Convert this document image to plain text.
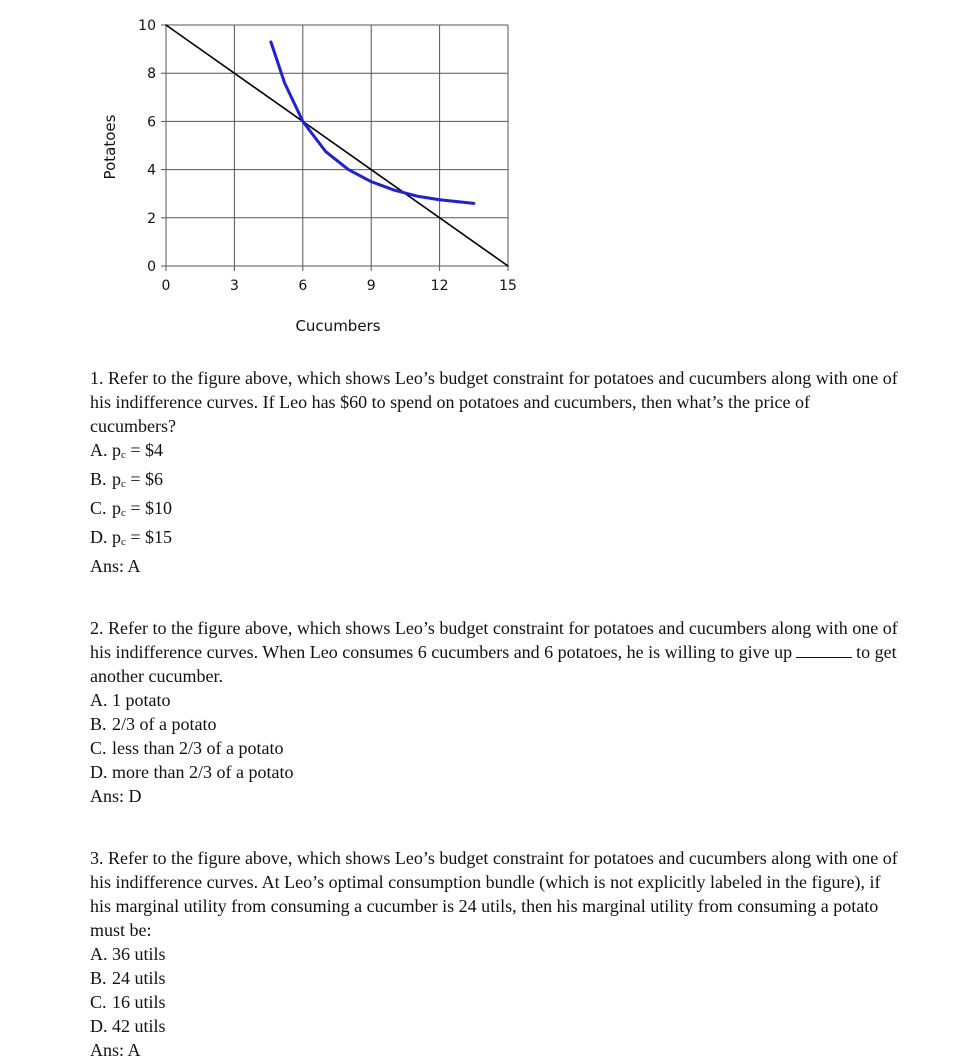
0	3	6	9	12	15
0
2
4
6
8
10
Cucumbers
Potatoes

1. Refer to the figure above, which shows Leo’s budget constraint for potatoes and cucumbers along with one of his indifference curves. If Leo has $60 to spend on potatoes and cucumbers, then what’s the price of cucumbers?

A. pc = $4

B. pc = $6

C. pc = $10

D. pc = $15

Ans: A

2. Refer to the figure above, which shows Leo’s budget constraint for potatoes and cucumbers along with one of his indifference curves. When Leo consumes 6 cucumbers and 6 potatoes, he is willing to give up	to get another cucumber.

A. 1 potato

B. 2/3 of a potato

C. less than 2/3 of a potato

D. more than 2/3 of a potato

Ans: D

3. Refer to the figure above, which shows Leo’s budget constraint for potatoes and cucumbers along with one of his indifference curves. At Leo’s optimal consumption bundle (which is not explicitly labeled in the figure), if his marginal utility from consuming a cucumber is 24 utils, then his marginal utility from consuming a potato must be:

A. 36 utils

B. 24 utils

C. 16 utils

D. 42 utils

Ans: A
